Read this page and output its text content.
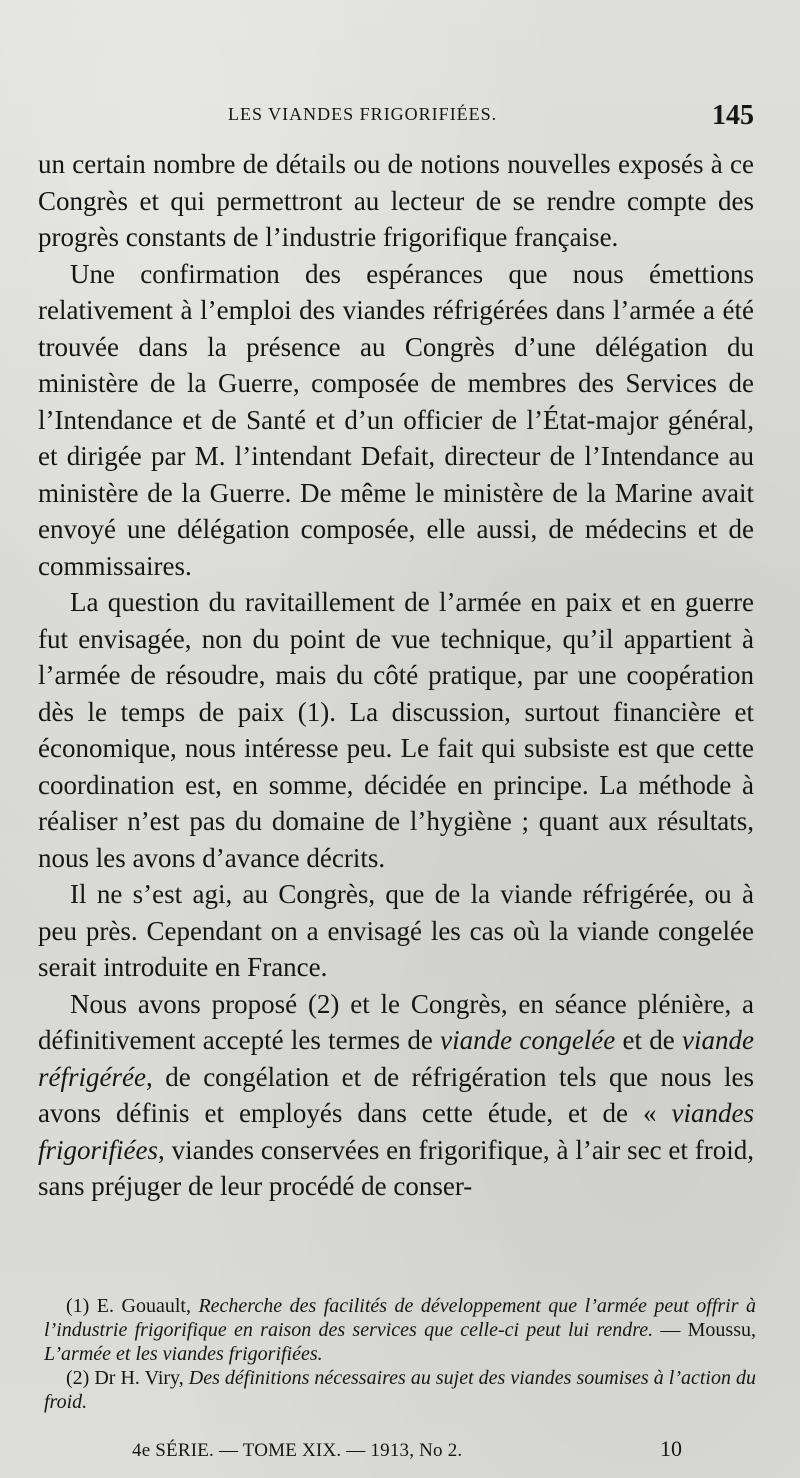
LES VIANDES FRIGORIFIÉES.	145

un certain nombre de détails ou de notions nouvelles exposés à ce Congrès et qui permettront au lecteur de se rendre compte des progrès constants de l’industrie frigorifique française.

Une confirmation des espérances que nous émettions relativement à l’emploi des viandes réfrigérées dans l’armée a été trouvée dans la présence au Congrès d’une délégation du ministère de la Guerre, composée de membres des Services de l’Intendance et de Santé et d’un officier de l’État-major général, et dirigée par M. l’intendant Defait, directeur de l’Intendance au ministère de la Guerre. De même le ministère de la Marine avait envoyé une délégation composée, elle aussi, de médecins et de commissaires.

La question du ravitaillement de l’armée en paix et en guerre fut envisagée, non du point de vue technique, qu’il appartient à l’armée de résoudre, mais du côté pratique, par une coopération dès le temps de paix (1). La discussion, surtout financière et économique, nous intéresse peu. Le fait qui subsiste est que cette coordination est, en somme, décidée en principe. La méthode à réaliser n’est pas du domaine de l’hygiène ; quant aux résultats, nous les avons d’avance décrits.

Il ne s’est agi, au Congrès, que de la viande réfrigérée, ou à peu près. Cependant on a envisagé les cas où la viande congelée serait introduite en France.

Nous avons proposé (2) et le Congrès, en séance plénière, a définitivement accepté les termes de viande congelée et de viande réfrigérée, de congélation et de réfrigération tels que nous les avons définis et employés dans cette étude, et de « viandes frigorifiées, viandes conservées en frigorifique, à l’air sec et froid, sans préjuger de leur procédé de conser-

(1) E. Gouault, Recherche des facilités de développement que l’armée peut offrir à l’industrie frigorifique en raison des services que celle-ci peut lui rendre. — Moussu, L’armée et les viandes frigorifiées.

(2) Dr H. Viry, Des définitions nécessaires au sujet des viandes soumises à l’action du froid.

4e SÉRIE. — TOME XIX. — 1913, No 2.	10
